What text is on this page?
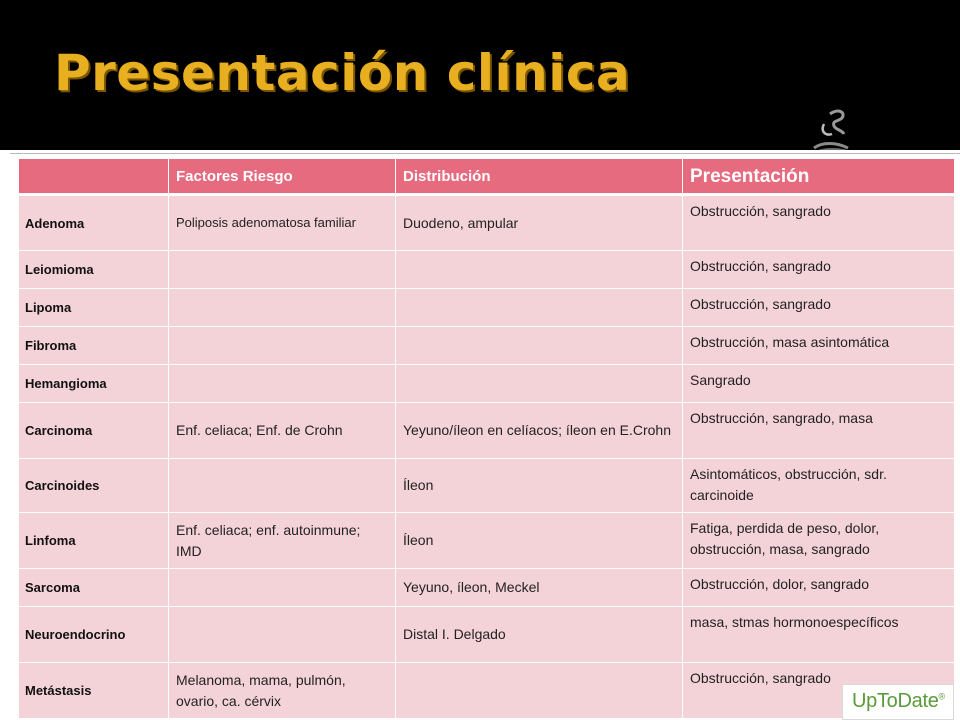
Presentación clínica
	Factores Riesgo	Distribución	Presentación
Adenoma	Poliposis adenomatosa familiar	Duodeno, ampular	Obstrucción, sangrado
Leiomioma			Obstrucción, sangrado
Lipoma			Obstrucción, sangrado
Fibroma			Obstrucción, masa asintomática
Hemangioma			Sangrado
Carcinoma	Enf. celiaca; Enf. de Crohn	Yeyuno/íleon en celíacos; íleon en E.Crohn	Obstrucción, sangrado, masa
Carcinoides		Íleon	Asintomáticos, obstrucción, sdr. carcinoide
Linfoma	Enf. celiaca; enf. autoinmune; IMD	Íleon	Fatiga, perdida de peso, dolor, obstrucción, masa, sangrado
Sarcoma		Yeyuno, íleon, Meckel	Obstrucción, dolor, sangrado
Neuroendocrino		Distal I. Delgado	masa, stmas hormonoespecíficos
Metástasis	Melanoma, mama, pulmón, ovario, ca. cérvix		Obstrucción, sangrado
UpToDate®
